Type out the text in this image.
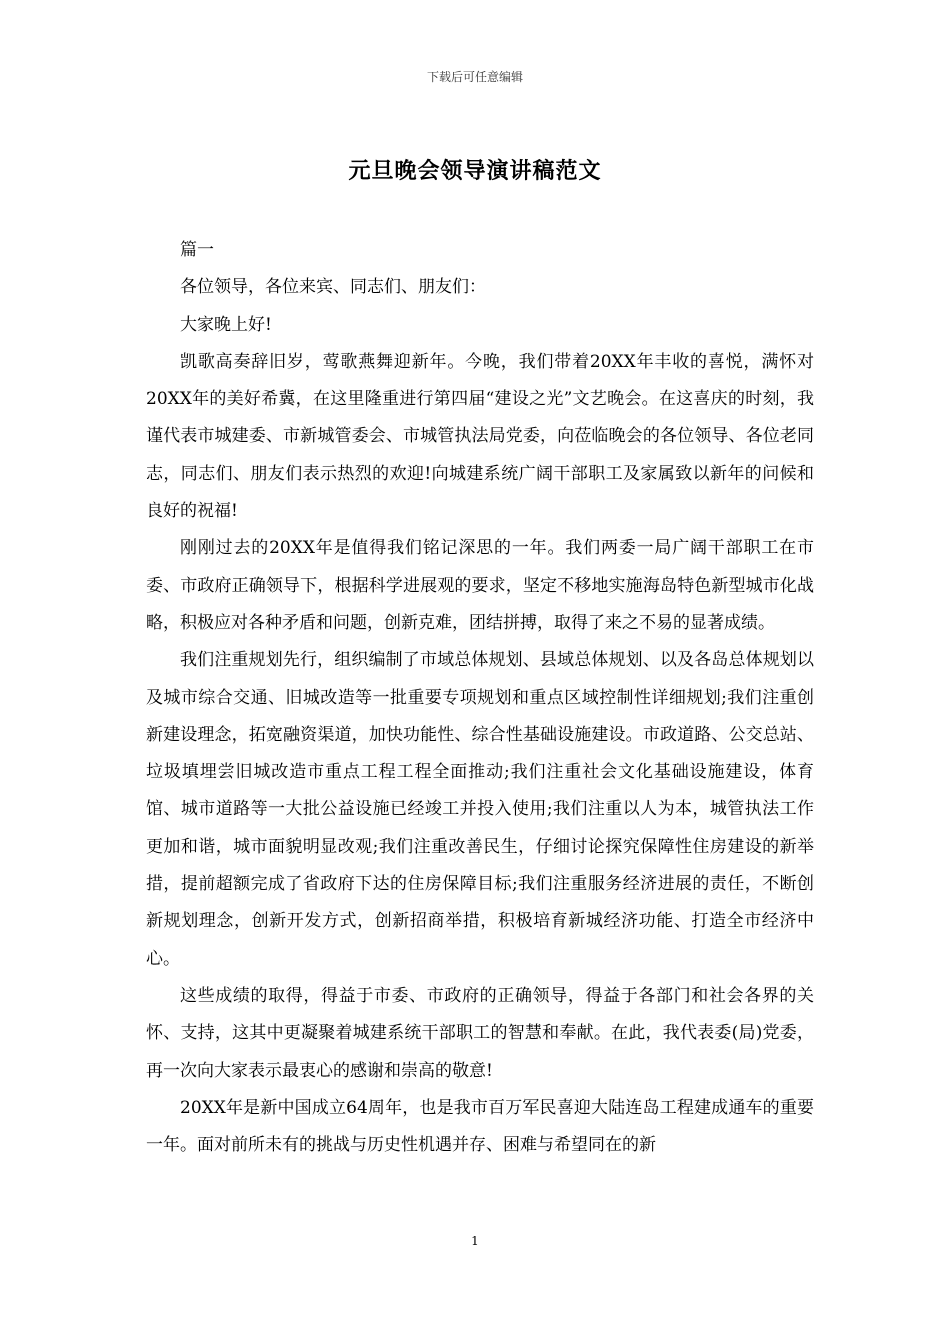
下载后可任意编辑
元旦晚会领导演讲稿范文

篇一

各位领导，各位来宾、同志们、朋友们：

大家晚上好!

凯歌高奏辞旧岁，莺歌燕舞迎新年。今晚，我们带着20XX年丰收的喜悦，满怀对20XX年的美好希冀，在这里隆重进行第四届“建设之光”文艺晚会。在这喜庆的时刻，我谨代表市城建委、市新城管委会、市城管执法局党委，向莅临晚会的各位领导、各位老同志，同志们、朋友们表示热烈的欢迎!向城建系统广阔干部职工及家属致以新年的问候和良好的祝福!

刚刚过去的20XX年是值得我们铭记深思的一年。我们两委一局广阔干部职工在市委、市政府正确领导下，根据科学进展观的要求，坚定不移地实施海岛特色新型城市化战略，积极应对各种矛盾和问题，创新克难，团结拼搏，取得了来之不易的显著成绩。

我们注重规划先行，组织编制了市域总体规划、县域总体规划、以及各岛总体规划以及城市综合交通、旧城改造等一批重要专项规划和重点区域控制性详细规划;我们注重创新建设理念，拓宽融资渠道，加快功能性、综合性基础设施建设。市政道路、公交总站、垃圾填埋尝旧城改造市重点工程工程全面推动;我们注重社会文化基础设施建设，体育馆、城市道路等一大批公益设施已经竣工并投入使用;我们注重以人为本，城管执法工作更加和谐，城市面貌明显改观;我们注重改善民生，仔细讨论探究保障性住房建设的新举措，提前超额完成了省政府下达的住房保障目标;我们注重服务经济进展的责任，不断创新规划理念，创新开发方式，创新招商举措，积极培育新城经济功能、打造全市经济中心。

这些成绩的取得，得益于市委、市政府的正确领导，得益于各部门和社会各界的关怀、支持，这其中更凝聚着城建系统干部职工的智慧和奉献。在此，我代表委(局)党委，再一次向大家表示最衷心的感谢和崇高的敬意!

20XX年是新中国成立64周年，也是我市百万军民喜迎大陆连岛工程建成通车的重要一年。面对前所未有的挑战与历史性机遇并存、困难与希望同在的新

1
